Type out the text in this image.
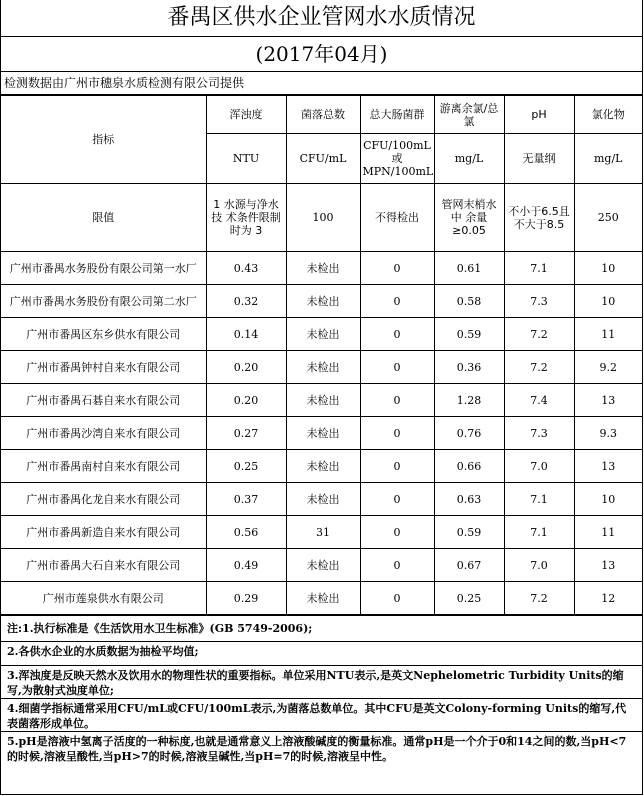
番禺区供水企业管网水水质情况
(2017年04月)
检测数据由广州市穗泉水质检测有限公司提供
指标	浑浊度	菌落总数	总大肠菌群	游离余氯/总氯	pH	氯化物
	NTU	CFU/mL	CFU/100mL 或 MPN/100mL	mg/L	无量纲	mg/L
限值	1 水源与净水技 术条件限制时为 3	100	不得检出	管网末梢水中 余量≥0.05	不小于6.5且不大于8.5	250
广州市番禺水务股份有限公司第一水厂	0.43	未检出	0	0.61	7.1	10
广州市番禺水务股份有限公司第二水厂	0.32	未检出	0	0.58	7.3	10
广州市番禺区东乡供水有限公司	0.14	未检出	0	0.59	7.2	11
广州市番禺钟村自来水有限公司	0.20	未检出	0	0.36	7.2	9.2
广州市番禺石碁自来水有限公司	0.20	未检出	0	1.28	7.4	13
广州市番禺沙湾自来水有限公司	0.27	未检出	0	0.76	7.3	9.3
广州市番禺南村自来水有限公司	0.25	未检出	0	0.66	7.0	13
广州市番禺化龙自来水有限公司	0.37	未检出	0	0.63	7.1	10
广州市番禺新造自来水有限公司	0.56	31	0	0.59	7.1	11
广州市番禺大石自来水有限公司	0.49	未检出	0	0.67	7.0	13
广州市莲泉供水有限公司	0.29	未检出	0	0.25	7.2	12
注:1.执行标准是《生活饮用水卫生标准》(GB 5749-2006);
2.各供水企业的水质数据为抽检平均值;
3.浑浊度是反映天然水及饮用水的物理性状的重要指标。单位采用NTU表示,是英文Nephelometric Turbidity Units的缩写,为散射式浊度单位;
4.细菌学指标通常采用CFU/mL或CFU/100mL表示,为菌落总数单位。其中CFU是英文Colony-forming Units的缩写,代表菌落形成单位。
5.pH是溶液中氢离子活度的一种标度,也就是通常意义上溶液酸碱度的衡量标准。通常pH是一个介于0和14之间的数,当pH<7的时候,溶液呈酸性,当pH>7的时候,溶液呈碱性,当pH=7的时候,溶液呈中性。
